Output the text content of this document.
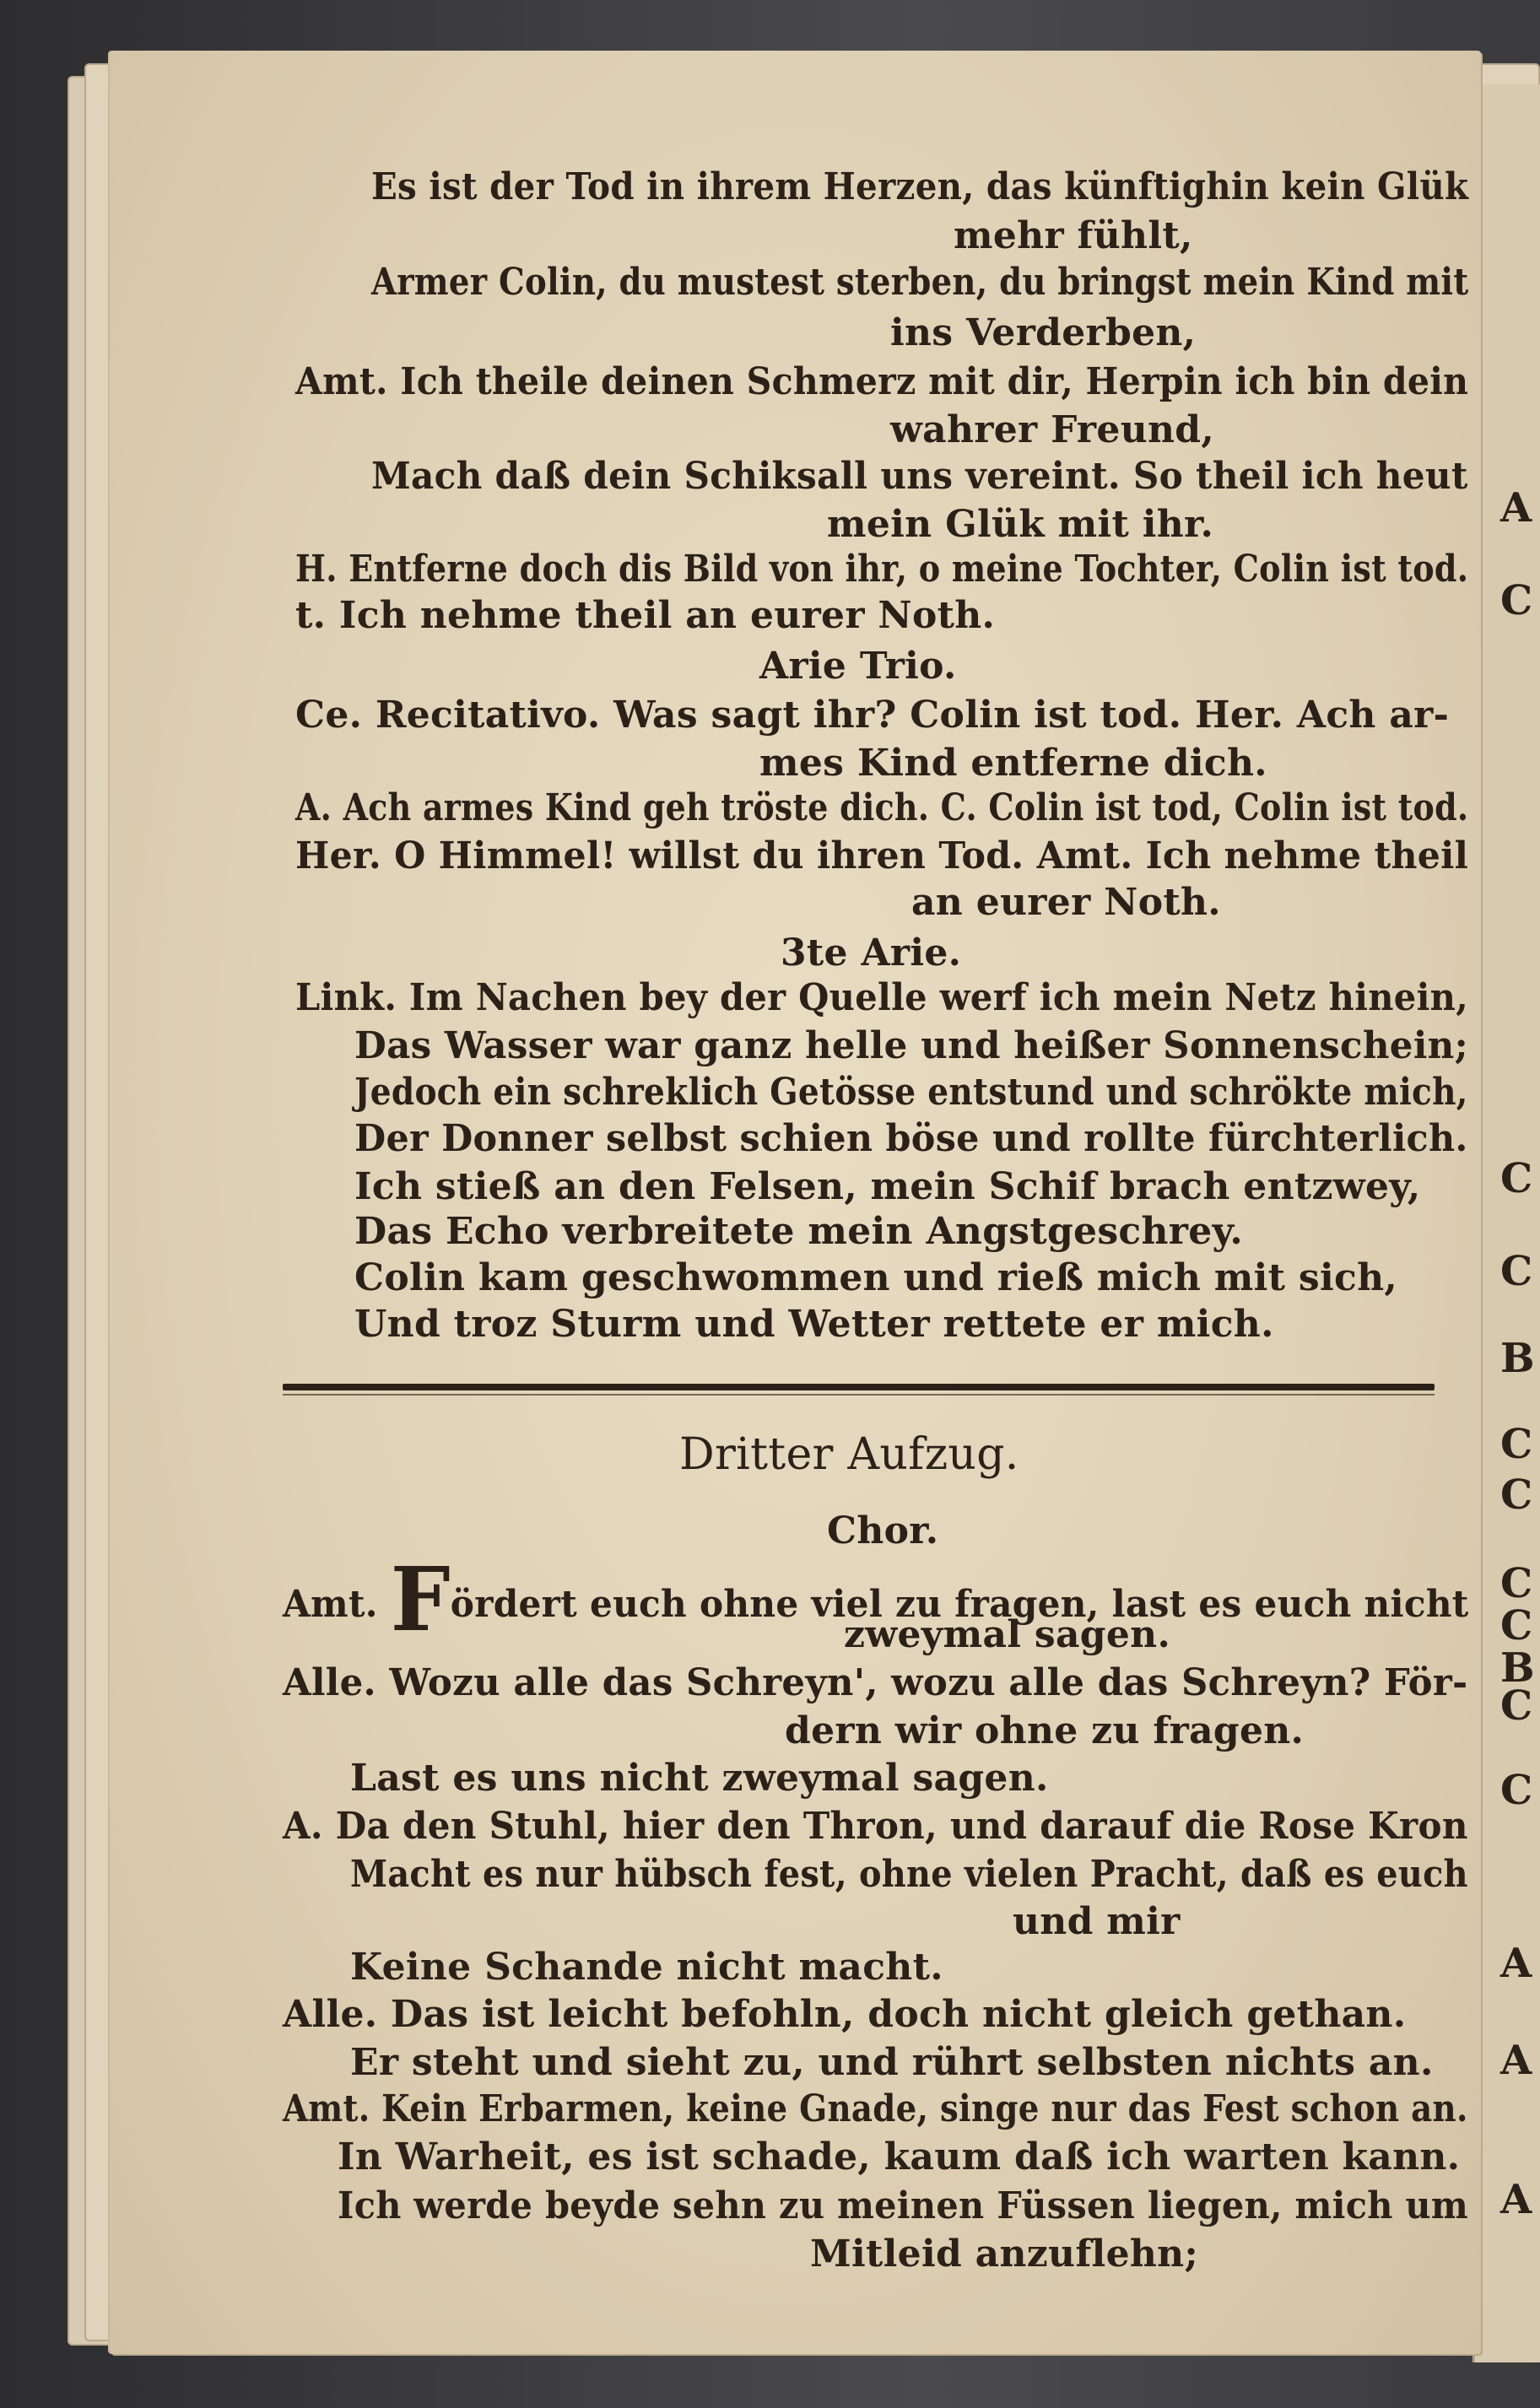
Es ist der Tod in ihrem Herzen, das künftighin kein Glük
mehr fühlt,
Armer Colin, du mustest sterben, du bringst mein Kind mit
ins Verderben,
Amt. Ich theile deinen Schmerz mit dir, Herpin ich bin dein
wahrer Freund,
Mach daß dein Schiksall uns vereint. So theil ich heut
mein Glük mit ihr.
H. Entferne doch dis Bild von ihr, o meine Tochter, Colin ist tod.
t. Ich nehme theil an eurer Noth.
Arie Trio.
Ce. Recitativo. Was sagt ihr? Colin ist tod. Her. Ach ar-
mes Kind entferne dich.
A. Ach armes Kind geh tröste dich. C. Colin ist tod, Colin ist tod.
Her. O Himmel! willst du ihren Tod. Amt. Ich nehme theil
an eurer Noth.
3te Arie.
Link. Im Nachen bey der Quelle werf ich mein Netz hinein,
Das Wasser war ganz helle und heißer Sonnenschein;
Jedoch ein schreklich Getösse entstund und schrökte mich,
Der Donner selbst schien böse und rollte fürchterlich.
Ich stieß an den Felsen, mein Schif brach entzwey,
Das Echo verbreitete mein Angstgeschrey.
Colin kam geschwommen und rieß mich mit sich,
Und troz Sturm und Wetter rettete er mich.
Dritter Aufzug.
Chor.
Amt. Fördert euch ohne viel zu fragen, last es euch nicht
zweymal sagen.
Alle. Wozu alle das Schreyn', wozu alle das Schreyn? För-
dern wir ohne zu fragen.
Last es uns nicht zweymal sagen.
A. Da den Stuhl, hier den Thron, und darauf die Rose Kron
Macht es nur hübsch fest, ohne vielen Pracht, daß es euch
und mir
Keine Schande nicht macht.
Alle. Das ist leicht befohln, doch nicht gleich gethan.
Er steht und sieht zu, und rührt selbsten nichts an.
Amt. Kein Erbarmen, keine Gnade, singe nur das Fest schon an.
In Warheit, es ist schade, kaum daß ich warten kann.
Ich werde beyde sehn zu meinen Füssen liegen, mich um
Mitleid anzuflehn;
A
C
C
C
B
C
C
C
C
B
C
C
A
A
A
